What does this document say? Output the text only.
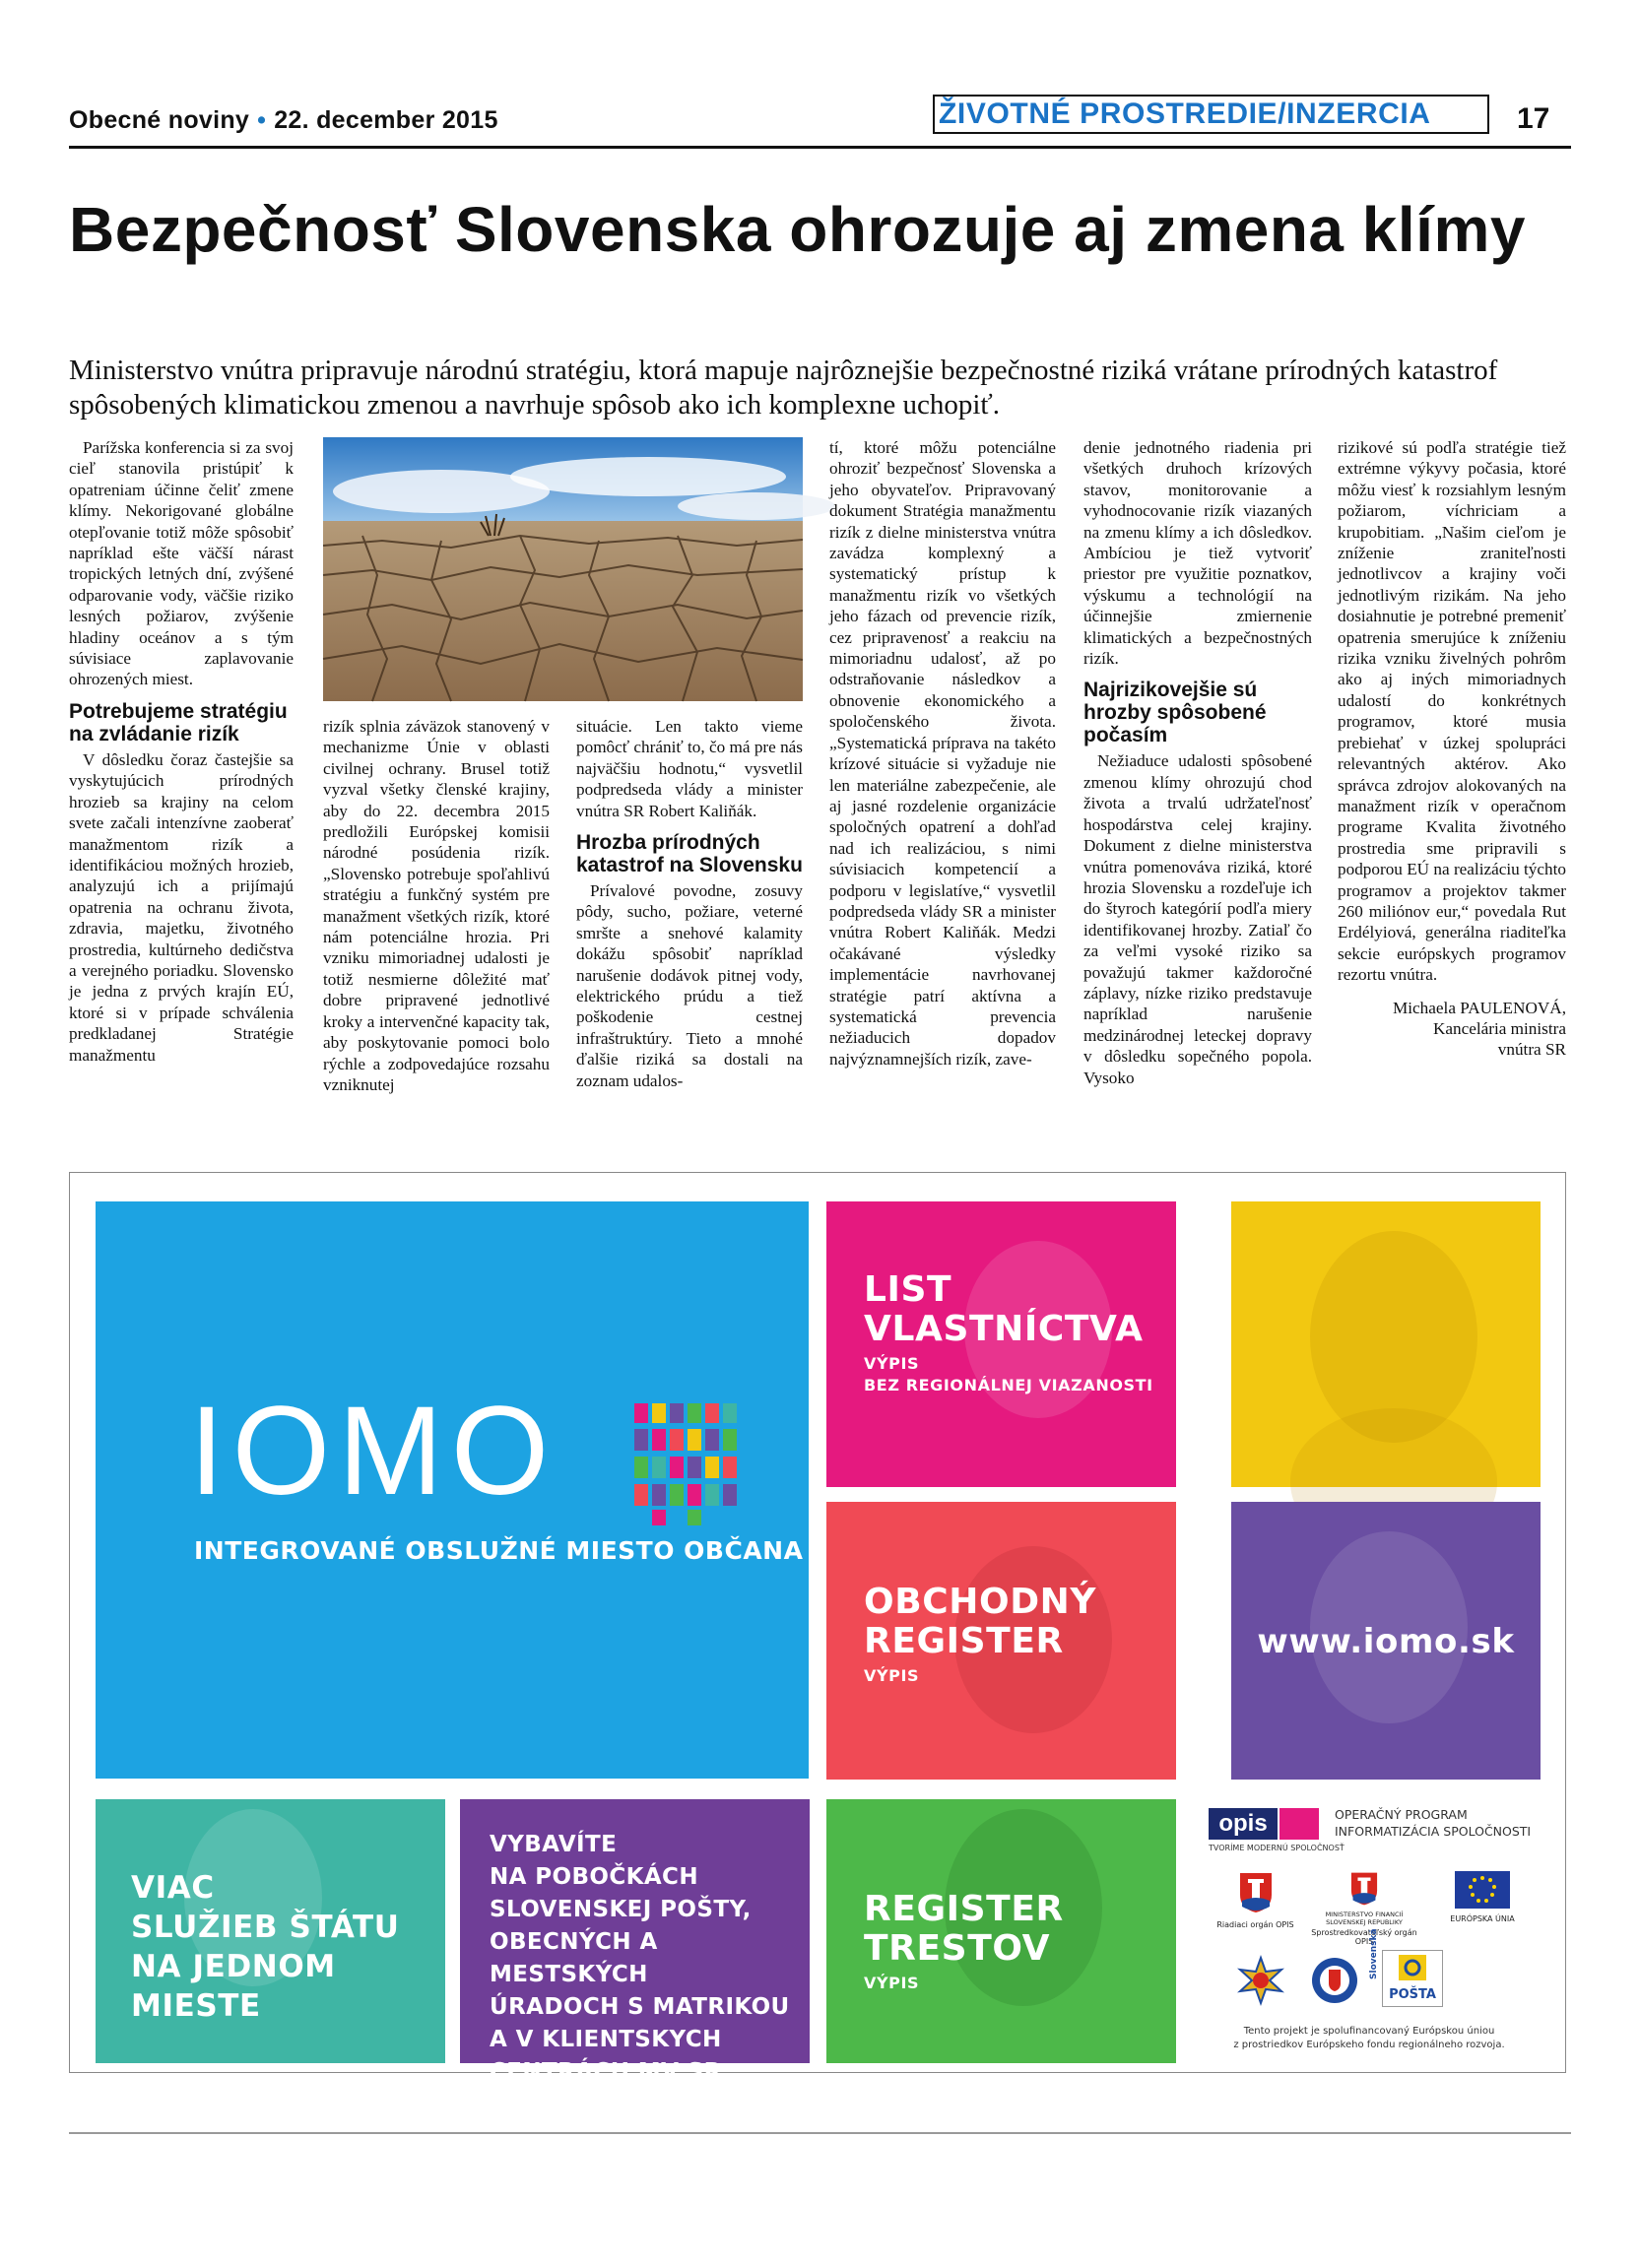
Obecné noviny • 22. december 2015	ŽIVOTNÉ PROSTREDIE/INZERCIA	17
Bezpečnosť Slovenska ohrozuje aj zmena klímy
Ministerstvo vnútra pripravuje národnú stratégiu, ktorá mapuje najrôznejšie bezpečnostné riziká vrátane prírodných katastrof spôsobených klimatickou zmenou a navrhuje spôsob ako ich komplexne uchopiť.

Parížska konferencia si za svoj cieľ stanovila pristúpiť k opatreniam účinne čeliť zmene klímy. Nekorigované globálne otepľovanie totiž môže spôsobiť napríklad ešte väčší nárast tropických letných dní, zvýšené odparovanie vody, väčšie riziko lesných požiarov, zvýšenie hladiny oceánov a s tým súvisiace zaplavovanie ohrozených miest.

Potrebujeme stratégiu na zvládanie rizík

V dôsledku čoraz častejšie sa vyskytujúcich prírodných hrozieb sa krajiny na celom svete začali intenzívne zaoberať manažmentom rizík a identifikáciou možných hrozieb, analyzujú ich a prijímajú opatrenia na ochranu života, zdravia, majetku, životného prostredia, kultúrneho dedičstva a verejného poriadku. Slovensko je jedna z prvých krajín EÚ, ktoré si v prípade schválenia predkladanej Stratégie manažmentu

rizík splnia záväzok stanovený v mechanizme Únie v oblasti civilnej ochrany. Brusel totiž vyzval všetky členské krajiny, aby do 22. decembra 2015 predložili Európskej komisii národné posúdenia rizík. „Slovensko potrebuje spoľahlivú stratégiu a funkčný systém pre manažment všetkých rizík, ktoré nám potenciálne hrozia. Pri vzniku mimoriadnej udalosti je totiž nesmierne dôležité mať dobre pripravené jednotlivé kroky a intervenčné kapacity tak, aby poskytovanie pomoci bolo rýchle a zodpovedajúce rozsahu vzniknutej

situácie. Len takto vieme pomôcť chrániť to, čo má pre nás najväčšiu hodnotu,“ vysvetlil podpredseda vlády a minister vnútra SR Robert Kaliňák.

Hrozba prírodných katastrof na Slovensku

Prívalové povodne, zosuvy pôdy, sucho, požiare, veterné smršte a snehové kalamity dokážu spôsobiť napríklad narušenie dodávok pitnej vody, elektrického prúdu a tiež poškodenie cestnej infraštruktúry. Tieto a mnohé ďalšie riziká sa dostali na zoznam udalos-

tí, ktoré môžu potenciálne ohroziť bezpečnosť Slovenska a jeho obyvateľov. Pripravovaný dokument Stratégia manažmentu rizík z dielne ministerstva vnútra zavádza komplexný a systematický prístup k manažmentu rizík vo všetkých jeho fázach od prevencie rizík, cez pripravenosť a reakciu na mimoriadnu udalosť, až po odstraňovanie následkov a obnovenie ekonomického a spoločenského života. „Systematická príprava na takéto krízové situácie si vyžaduje nie len materiálne zabezpečenie, ale aj jasné rozdelenie organizácie spoločných opatrení a dohľad nad ich realizáciou, s nimi súvisiacich kompetencií a podporu v legislatíve,“ vysvetlil podpredseda vlády SR a minister vnútra Robert Kaliňák. Medzi očakávané výsledky implementácie navrhovanej stratégie patrí aktívna a systematická prevencia nežiaducich dopadov najvýznamnejších rizík, zave-

denie jednotného riadenia pri všetkých druhoch krízových stavov, monitorovanie a vyhodnocovanie rizík viazaných na zmenu klímy a ich dôsledkov. Ambíciou je tiež vytvoriť priestor pre využitie poznatkov, výskumu a technológií na účinnejšie zmiernenie klimatických a bezpečnostných rizík.

Najrizikovejšie sú hrozby spôsobené počasím

Nežiaduce udalosti spôsobené zmenou klímy ohrozujú chod života a trvalú udržateľnosť hospodárstva celej krajiny. Dokument z dielne ministerstva vnútra pomenováva riziká, ktoré hrozia Slovensku a rozdeľuje ich do štyroch kategórií podľa miery identifikovanej hrozby. Zatiaľ čo za veľmi vysoké riziko sa považujú takmer každoročné záplavy, nízke riziko predstavuje napríklad narušenie medzinárodnej leteckej dopravy v dôsledku sopečného popola. Vysoko

rizikové sú podľa stratégie tiež extrémne výkyvy počasia, ktoré môžu viesť k rozsiahlym lesným požiarom, víchriciam a krupobitiam. „Našim cieľom je zníženie zraniteľnosti jednotlivcov a krajiny voči jednotlivým rizikám. Na jeho dosiahnutie je potrebné premeniť opatrenia smerujúce k zníženiu rizika vzniku živelných pohrôm ako aj iných mimoriadnych udalostí do konkrétnych programov, ktoré musia prebiehať v úzkej spolupráci relevantných aktérov. Ako správca zdrojov alokovaných na manažment rizík v operačnom programe Kvalita životného prostredia sme pripravili s podporou EÚ na realizáciu týchto programov a projektov takmer 260 miliónov eur,“ povedala Rut Erdélyiová, generálna riaditeľka sekcie európskych programov rezortu vnútra.

Michaela PAULENOVÁ,
Kancelária ministra
vnútra SR
IOMO
INTEGROVANÉ OBSLUŽNÉ MIESTO OBČANA
LIST
VLASTNÍCTVA
VÝPIS
BEZ REGIONÁLNEJ VIAZANOSTI
OBCHODNÝ
REGISTER
VÝPIS
www.iomo.sk
VIAC
SLUŽIEB ŠTÁTU
NA JEDNOM
MIESTE
VYBAVÍTE
NA POBOČKÁCH
SLOVENSKEJ POŠTY,
OBECNÝCH A MESTSKÝCH
ÚRADOCH S MATRIKOU
A V KLIENTSKYCH
CENTRÁCH MV SR.
REGISTER
TRESTOV
VÝPIS
opis
TVORÍME MODERNÚ SPOLOČNOSŤ
OPERAČNÝ PROGRAM
INFORMATIZÁCIA SPOLOČNOSTI
Riadiaci orgán OPIS
MINISTERSTVO FINANCIÍ
SLOVENSKEJ REPUBLIKY
Sprostredkovateľský orgán OPIS
EURÓPSKA ÚNIA
Slovenská
POŠTA
Tento projekt je spolufinancovaný Európskou úniou
z prostriedkov Európskeho fondu regionálneho rozvoja.
